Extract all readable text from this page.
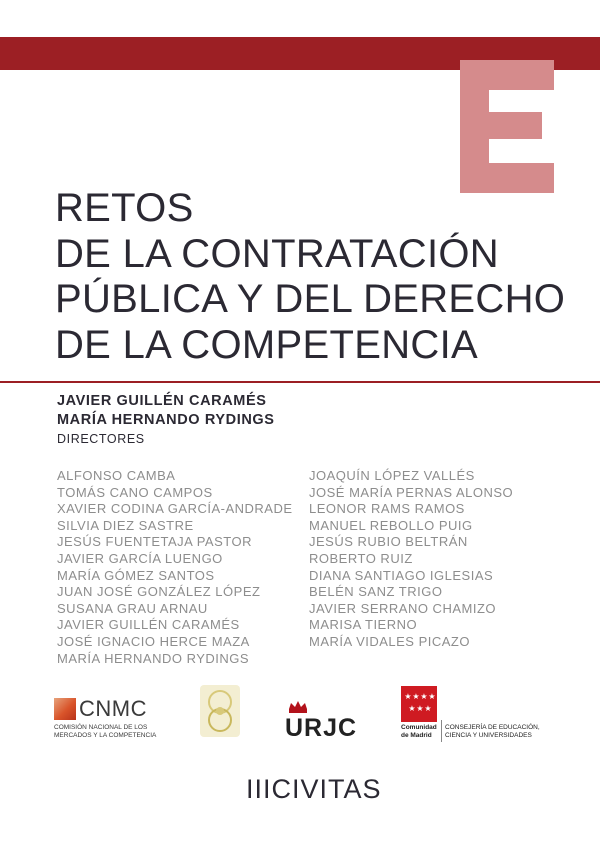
RETOS
DE LA CONTRATACIÓN
PÚBLICA Y DEL DERECHO
DE LA COMPETENCIA
JAVIER GUILLÉN CARAMÉS
MARÍA HERNANDO RYDINGS
DIRECTORES
ALFONSO CAMBA
TOMÁS CANO CAMPOS
XAVIER CODINA GARCÍA-ANDRADE
SILVIA DIEZ SASTRE
JESÚS FUENTETAJA PASTOR
JAVIER GARCÍA LUENGO
MARÍA GÓMEZ SANTOS
JUAN JOSÉ GONZÁLEZ LÓPEZ
SUSANA GRAU ARNAU
JAVIER GUILLÉN CARAMÉS
JOSÉ IGNACIO HERCE MAZA
MARÍA HERNANDO RYDINGS
JOAQUÍN LÓPEZ VALLÉS
JOSÉ MARÍA PERNAS ALONSO
LEONOR RAMS RAMOS
MANUEL REBOLLO PUIG
JESÚS RUBIO BELTRÁN
ROBERTO RUIZ
DIANA SANTIAGO IGLESIAS
BELÉN SANZ TRIGO
JAVIER SERRANO CHAMIZO
MARISA TIERNO
MARÍA VIDALES PICAZO
CNMC
COMISIÓN NACIONAL DE LOS
MERCADOS Y LA COMPETENCIA	URJC
★ ★ ★ ★
★ ★ ★
Comunidad
de Madrid
CONSEJERÍA DE EDUCACIÓN,
CIENCIA Y UNIVERSIDADES
IIICIVITAS
